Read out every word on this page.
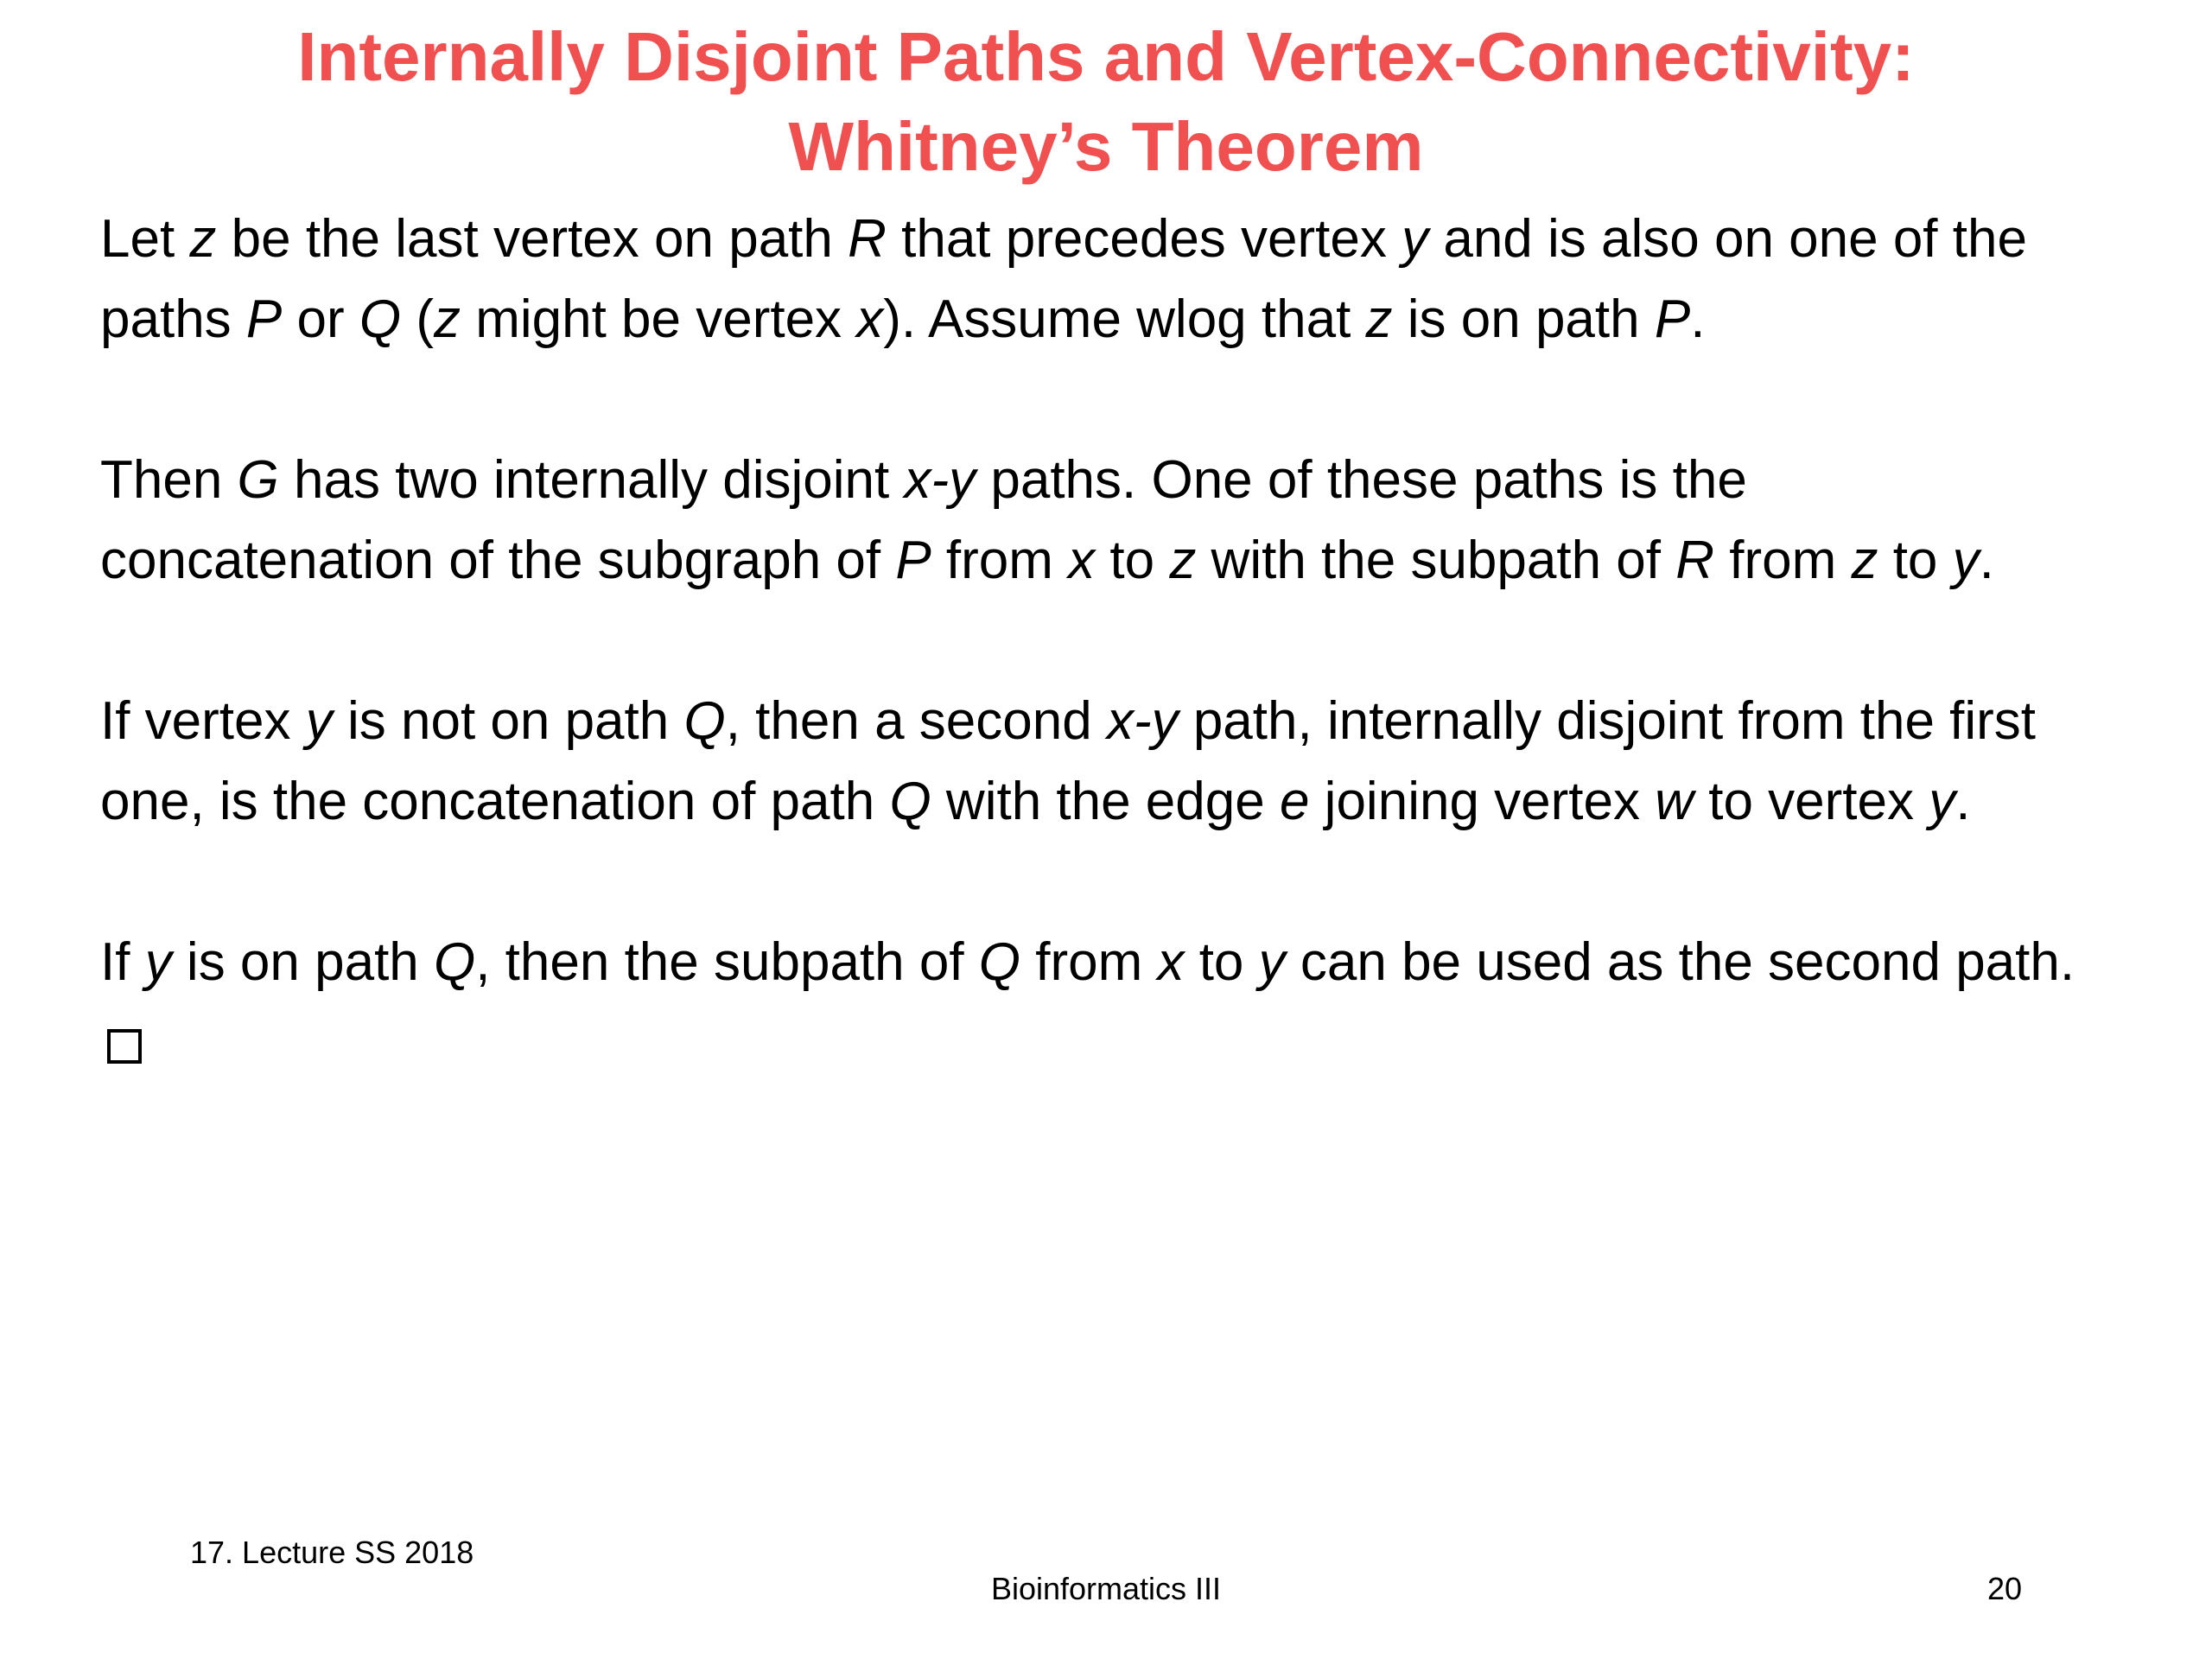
Internally Disjoint Paths and Vertex-Connectivity:
Whitney’s Theorem
Let z be the last vertex on path R that precedes vertex y and is also on one of the
paths P or Q (z might be vertex x). Assume wlog that z is on path P.
Then G has two internally disjoint x-y paths. One of these paths is the
concatenation of the subgraph of P from x to z with the subpath of R from z to y.
If vertex y is not on path Q, then a second x-y path, internally disjoint from the first
one, is the concatenation of path Q with the edge e joining vertex w to vertex y.
If y is on path Q, then the subpath of Q from x to y can be used as the second path.
17. Lecture SS 2018
Bioinformatics III	20
